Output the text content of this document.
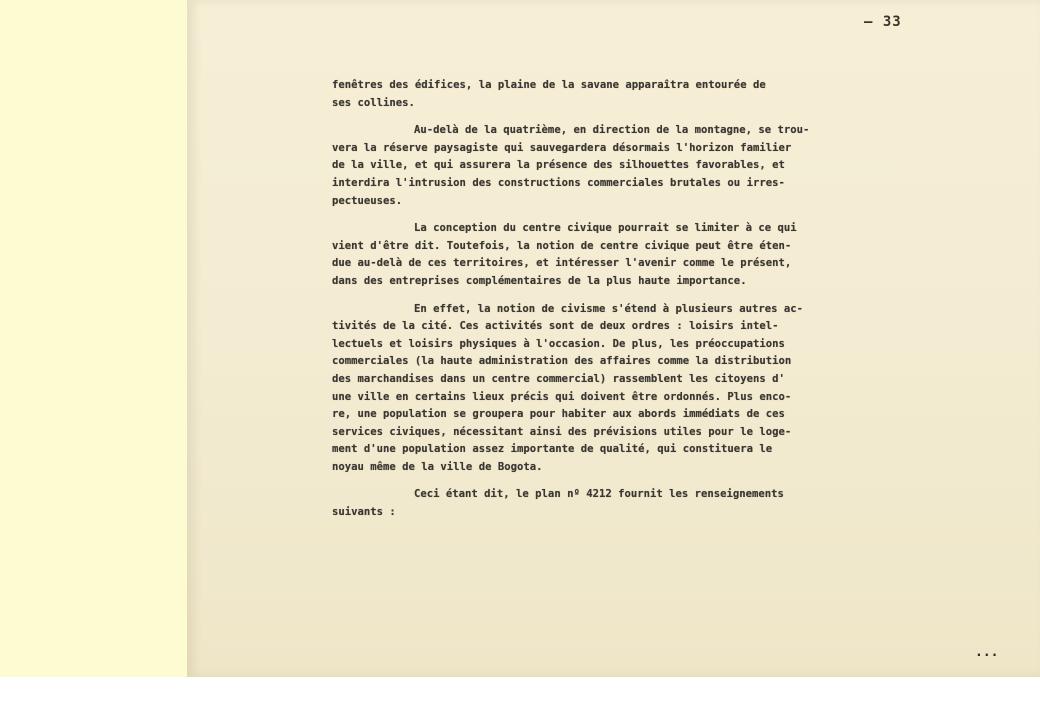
– 33
fenêtres des édifices, la plaine de la savane apparaîtra entourée de
ses collines.
Au-delà de la quatrième, en direction de la montagne, se trou-
vera la réserve paysagiste qui sauvegardera désormais l'horizon familier
de la ville, et qui assurera la présence des silhouettes favorables, et
interdira l'intrusion des constructions commerciales brutales ou irres-
pectueuses.
La conception du centre civique pourrait se limiter à ce qui
vient d'être dit. Toutefois, la notion de centre civique peut être éten-
due au-delà de ces territoires, et intéresser l'avenir comme le présent,
dans des entreprises complémentaires de la plus haute importance.
En effet, la notion de civisme s'étend à plusieurs autres ac-
tivités de la cité. Ces activités sont de deux ordres : loisirs intel-
lectuels et loisirs physiques à l'occasion. De plus, les préoccupations
commerciales (la haute administration des affaires comme la distribution
des marchandises dans un centre commercial) rassemblent les citoyens d'
une ville en certains lieux précis qui doivent être ordonnés. Plus enco-
re, une population se groupera pour habiter aux abords immédiats de ces
services civiques, nécessitant ainsi des prévisions utiles pour le loge-
ment d'une population assez importante de qualité, qui constituera le
noyau même de la ville de Bogota.
Ceci étant dit, le plan nº 4212 fournit les renseignements
suivants :
...
